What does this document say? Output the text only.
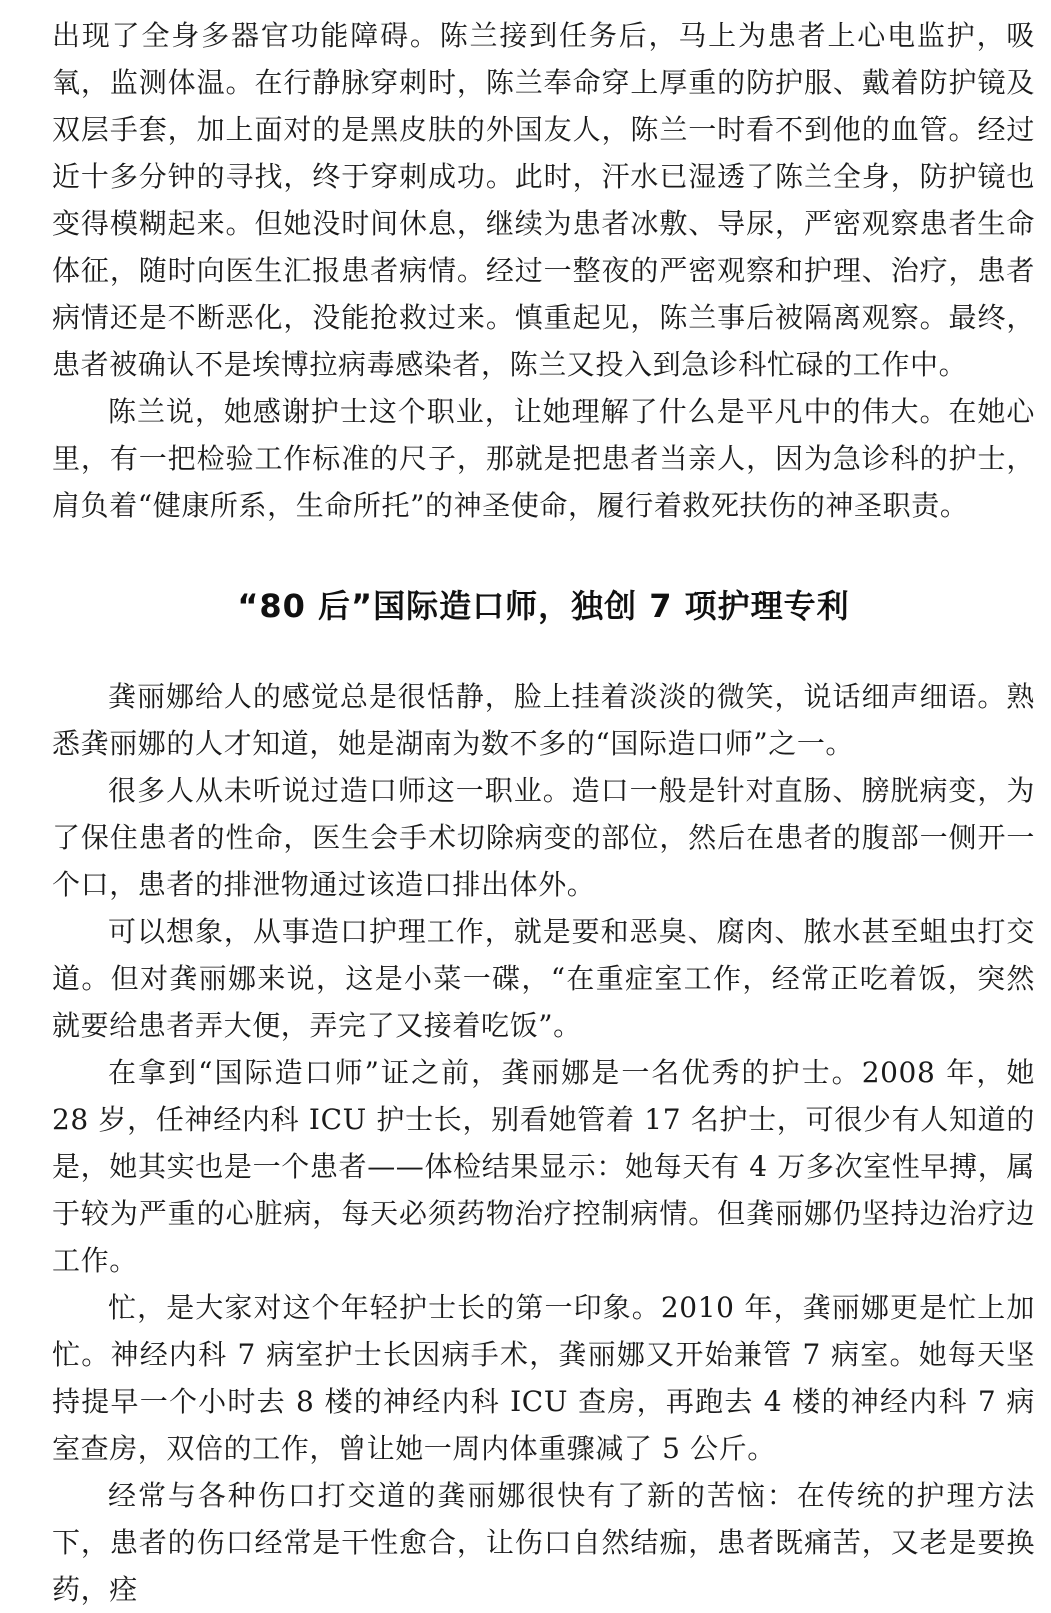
出现了全身多器官功能障碍。陈兰接到任务后，马上为患者上心电监护，吸氧，监测体温。在行静脉穿刺时，陈兰奉命穿上厚重的防护服、戴着防护镜及双层手套，加上面对的是黑皮肤的外国友人，陈兰一时看不到他的血管。经过近十多分钟的寻找，终于穿刺成功。此时，汗水已湿透了陈兰全身，防护镜也变得模糊起来。但她没时间休息，继续为患者冰敷、导尿，严密观察患者生命体征，随时向医生汇报患者病情。经过一整夜的严密观察和护理、治疗，患者病情还是不断恶化，没能抢救过来。慎重起见，陈兰事后被隔离观察。最终，患者被确认不是埃博拉病毒感染者，陈兰又投入到急诊科忙碌的工作中。

陈兰说，她感谢护士这个职业，让她理解了什么是平凡中的伟大。在她心里，有一把检验工作标准的尺子，那就是把患者当亲人，因为急诊科的护士，肩负着“健康所系，生命所托”的神圣使命，履行着救死扶伤的神圣职责。

“80 后”国际造口师，独创 7 项护理专利

龚丽娜给人的感觉总是很恬静，脸上挂着淡淡的微笑，说话细声细语。熟悉龚丽娜的人才知道，她是湖南为数不多的“国际造口师”之一。

很多人从未听说过造口师这一职业。造口一般是针对直肠、膀胱病变，为了保住患者的性命，医生会手术切除病变的部位，然后在患者的腹部一侧开一个口，患者的排泄物通过该造口排出体外。

可以想象，从事造口护理工作，就是要和恶臭、腐肉、脓水甚至蛆虫打交道。但对龚丽娜来说，这是小菜一碟，“在重症室工作，经常正吃着饭，突然就要给患者弄大便，弄完了又接着吃饭”。

在拿到“国际造口师”证之前，龚丽娜是一名优秀的护士。2008 年，她 28 岁，任神经内科 ICU 护士长，别看她管着 17 名护士，可很少有人知道的是，她其实也是一个患者——体检结果显示：她每天有 4 万多次室性早搏，属于较为严重的心脏病，每天必须药物治疗控制病情。但龚丽娜仍坚持边治疗边工作。

忙，是大家对这个年轻护士长的第一印象。2010 年，龚丽娜更是忙上加忙。神经内科 7 病室护士长因病手术，龚丽娜又开始兼管 7 病室。她每天坚持提早一个小时去 8 楼的神经内科 ICU 查房，再跑去 4 楼的神经内科 7 病室查房，双倍的工作，曾让她一周内体重骤减了 5 公斤。

经常与各种伤口打交道的龚丽娜很快有了新的苦恼：在传统的护理方法下，患者的伤口经常是干性愈合，让伤口自然结痂，患者既痛苦，又老是要换药，痊
